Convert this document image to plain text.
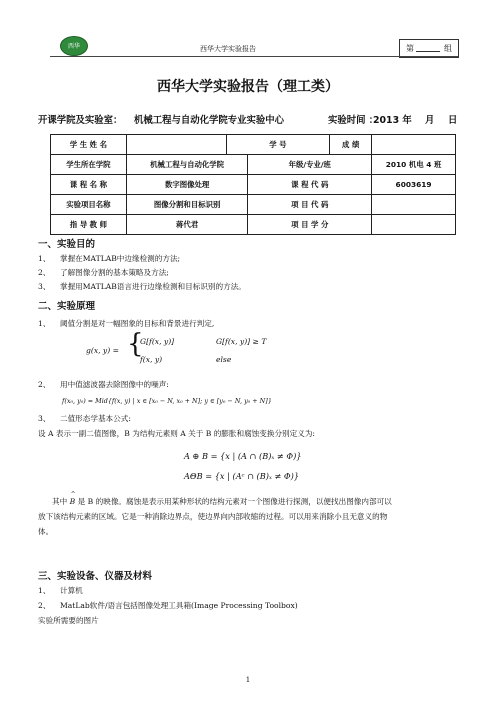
西华	西华大学实验报告	第	组
西华大学实验报告（理工类）
开课学院及实验室： 机械工程与自动化学院专业实验中心	实验时间 ：
2013 年 月 日
学 生 姓 名		学 号		成 绩	
学生所在学院	机械工程与自动化学院		年级/专业/班		2010 机电 4 班
课 程 名 称	数字图像处理		课 程 代 码		6003619
实验项目名称	图像分割和目标识别		项 目 代 码		
指 导 教 师	蒋代君		项 目 学 分		
一、实验目的
1、 掌握在MATLAB中边缘检测的方法;
2、 了解图像分割的基本策略及方法;
3、 掌握用MATLAB语言进行边缘检测和目标识别的方法。
二、实验原理
1、 阈值分割是对一幅图象的目标和背景进行判定,
g(x, y) = {
G[f(x, y)]	G[f(x, y)] ≥ T
f(x, y)	else
2、 用中值滤波器去除图像中的噪声:
f(x₀, y₀) = Mid{f(x, y) | x ∈ [x₀ − N, x₀ + N]; y ∈ [y₀ − N, y₀ + N]}
3、 二值形态学基本公式:
设 A 表示一副二值图像，B 为结构元素则 A 关于 B 的膨胀和腐蚀变换分别定义为:
A ⊕ B = {x | (A ∩ (B)ₓ ≠ Φ)}
AΘB = {x | (Aᶜ ∩ (B)ₓ ≠ Φ)}
其中 ^ B 是 B 的映像。腐蚀是表示用某种形状的结构元素对一个图像进行探测，以便找出图像内部可以
放下该结构元素的区域。它是一种消除边界点，使边界向内部收缩的过程。可以用来消除小且无意义的物
体。
三、实验设备、仪器及材料
1、 计算机
2、 MatLab软件/语言包括图像处理工具箱(Image Processing Toolbox)
实验所需要的图片
1
